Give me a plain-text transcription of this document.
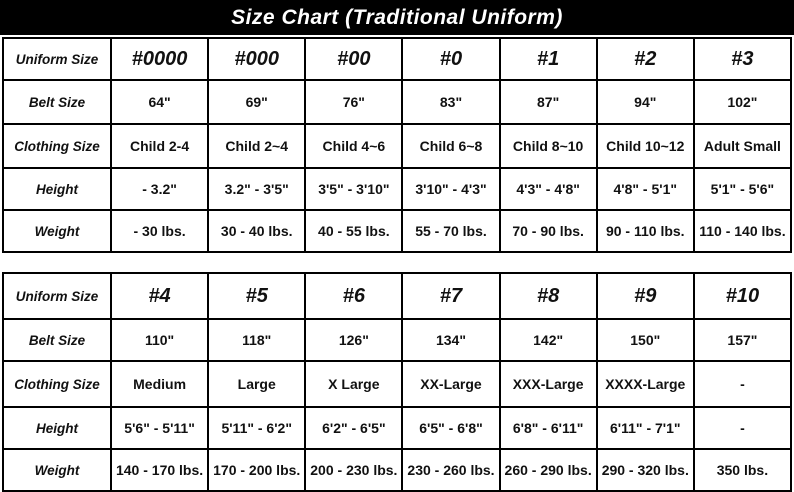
Size Chart (Traditional Uniform)
Uniform Size	#0000	#000	#00	#0	#1	#2	#3
Belt Size	64"	69"	76"	83"	87"	94"	102"
Clothing Size	Child 2-4	Child 2~4	Child 4~6	Child 6~8	Child 8~10	Child 10~12	Adult Small
Height	- 3.2"	3.2" - 3'5"	3'5" - 3'10"	3'10" - 4'3"	4'3" - 4'8"	4'8" - 5'1"	5'1" - 5'6"
Weight	- 30 lbs.	30 - 40 lbs.	40 - 55 lbs.	55 - 70 lbs.	70 - 90 lbs.	90 - 110 lbs.	110 - 140 lbs.
Uniform Size	#4	#5	#6	#7	#8	#9	#10
Belt Size	110"	118"	126"	134"	142"	150"	157"
Clothing Size	Medium	Large	X Large	XX-Large	XXX-Large	XXXX-Large	-
Height	5'6" - 5'11"	5'11" - 6'2"	6'2" - 6'5"	6'5" - 6'8"	6'8" - 6'11"	6'11" - 7'1"	-
Weight	140 - 170 lbs.	170 - 200 lbs.	200 - 230 lbs.	230 - 260 lbs.	260 - 290 lbs.	290 - 320 lbs.	350 lbs.
